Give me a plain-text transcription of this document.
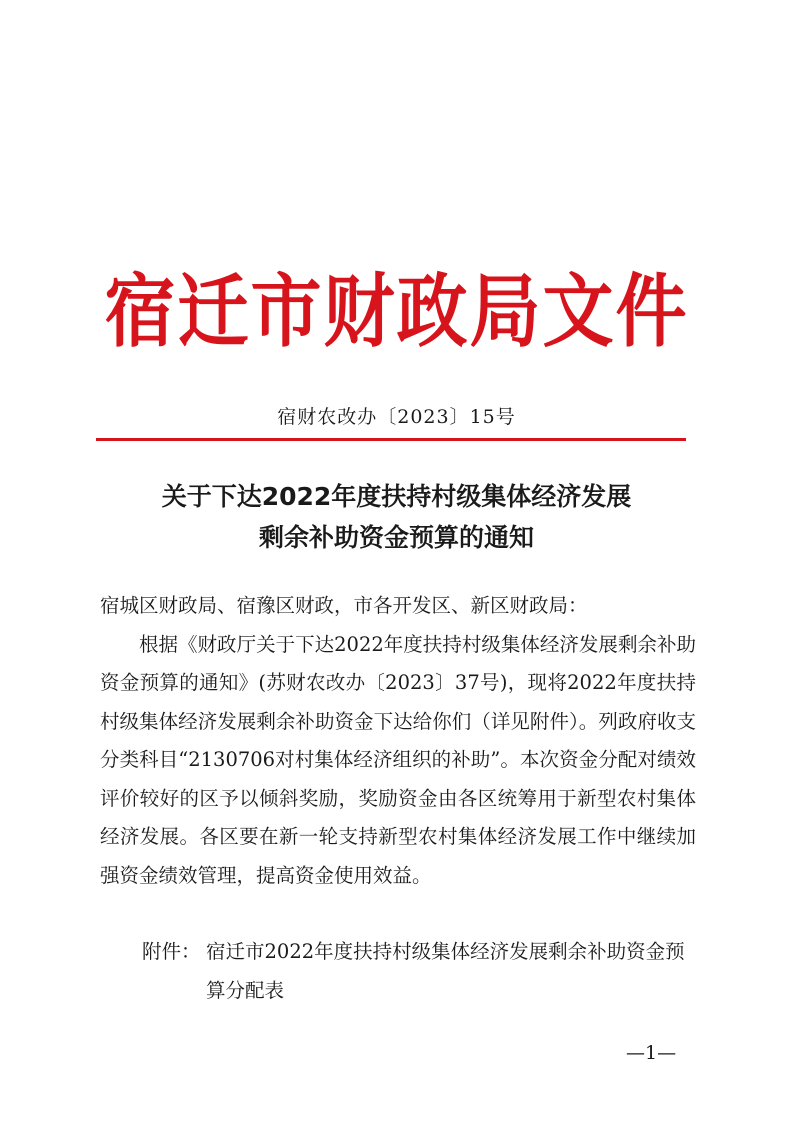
宿迁市财政局文件
宿财农改办〔2023〕15号
关于下达2022年度扶持村级集体经济发展
剩余补助资金预算的通知
宿城区财政局、宿豫区财政，市各开发区、新区财政局：
根据《财政厅关于下达2022年度扶持村级集体经济发展剩余补助资金预算的通知》(苏财农改办〔2023〕37号)，现将2022年度扶持村级集体经济发展剩余补助资金下达给你们（详见附件）。列政府收支分类科目“2130706对村集体经济组织的补助”。本次资金分配对绩效评价较好的区予以倾斜奖励，奖励资金由各区统筹用于新型农村集体经济发展。各区要在新一轮支持新型农村集体经济发展工作中继续加强资金绩效管理，提高资金使用效益。
附件： 宿迁市2022年度扶持村级集体经济发展剩余补助资金预算分配表
—1—
